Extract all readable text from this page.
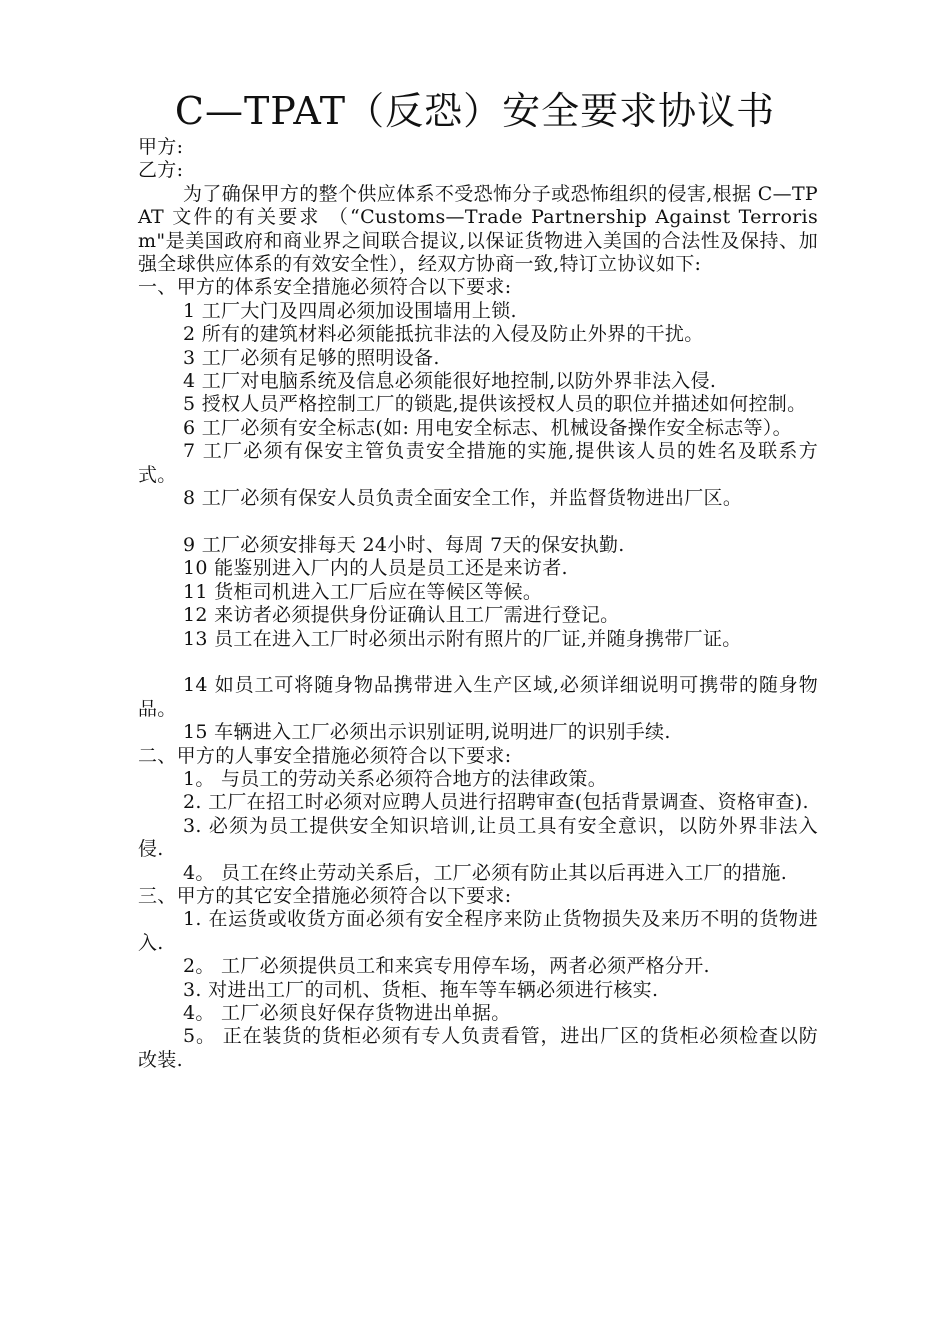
C—TPAT（反恐）安全要求协议书

甲方:

乙方:

为了确保甲方的整个供应体系不受恐怖分子或恐怖组织的侵害,根据 C—TPAT 文件的有关要求 （“Customs—Trade Partnership Against Terrorism"是美国政府和商业界之间联合提议,以保证货物进入美国的合法性及保持、加强全球供应体系的有效安全性），经双方协商一致,特订立协议如下:

一、甲方的体系安全措施必须符合以下要求:

1 工厂大门及四周必须加设围墙用上锁.

2 所有的建筑材料必须能抵抗非法的入侵及防止外界的干扰。

3 工厂必须有足够的照明设备.

4 工厂对电脑系统及信息必须能很好地控制,以防外界非法入侵.

5 授权人员严格控制工厂的锁匙,提供该授权人员的职位并描述如何控制。

6 工厂必须有安全标志(如: 用电安全标志、机械设备操作安全标志等）。

7 工厂必须有保安主管负责安全措施的实施,提供该人员的姓名及联系方式。

8 工厂必须有保安人员负责全面安全工作，并监督货物进出厂区。

9 工厂必须安排每天 24小时、每周 7天的保安执勤.

10 能鉴别进入厂内的人员是员工还是来访者.

11 货柜司机进入工厂后应在等候区等候。

12 来访者必须提供身份证确认且工厂需进行登记。

13 员工在进入工厂时必须出示附有照片的厂证,并随身携带厂证。

14 如员工可将随身物品携带进入生产区域,必须详细说明可携带的随身物品。

15 车辆进入工厂必须出示识别证明,说明进厂的识别手续.

二、甲方的人事安全措施必须符合以下要求:

1。 与员工的劳动关系必须符合地方的法律政策。

2. 工厂在招工时必须对应聘人员进行招聘审查(包括背景调查、资格审查).

3. 必须为员工提供安全知识培训,让员工具有安全意识，以防外界非法入侵.

4。 员工在终止劳动关系后，工厂必须有防止其以后再进入工厂的措施.

三、甲方的其它安全措施必须符合以下要求:

1. 在运货或收货方面必须有安全程序来防止货物损失及来历不明的货物进入.

2。 工厂必须提供员工和来宾专用停车场，两者必须严格分开.

3. 对进出工厂的司机、货柜、拖车等车辆必须进行核实.

4。 工厂必须良好保存货物进出单据。

5。 正在装货的货柜必须有专人负责看管，进出厂区的货柜必须检查以防改装.
